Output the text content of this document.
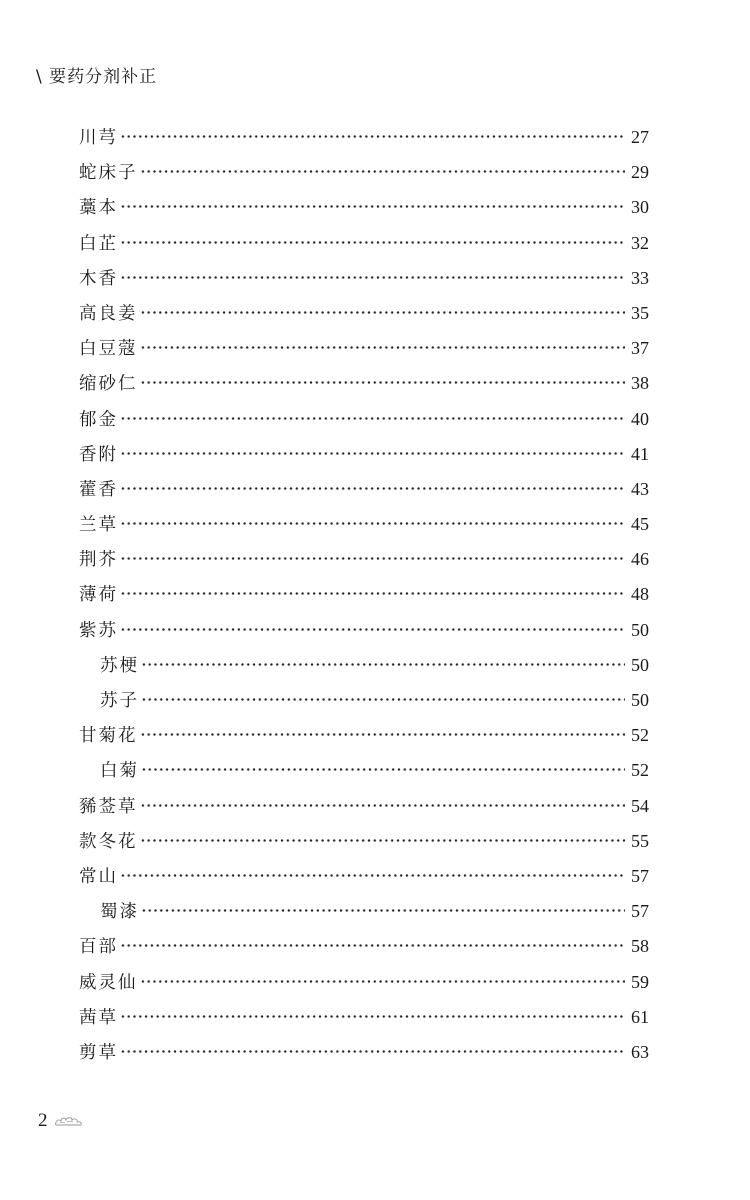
\ 要药分剂补正
川芎	27
蛇床子	29
藁本	30
白芷	32
木香	33
高良姜	35
白豆蔻	37
缩砂仁	38
郁金	40
香附	41
藿香	43
兰草	45
荆芥	46
薄荷	48
紫苏	50
苏梗	50
苏子	50
甘菊花	52
白菊	52
豨莶草	54
款冬花	55
常山	57
蜀漆	57
百部	58
威灵仙	59
茜草	61
剪草	63
2
